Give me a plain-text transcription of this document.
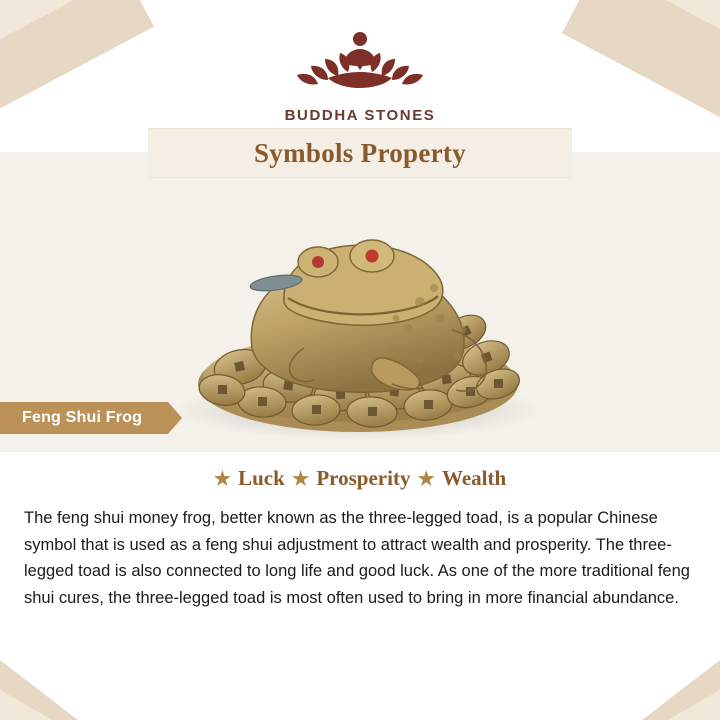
BUDDHA STONES
Symbols Property
Feng Shui Frog
★ Luck ★ Prosperity ★ Wealth

The feng shui money frog, better known as the three-legged toad, is a popular Chinese symbol that is used as a feng shui adjustment to attract wealth and prosperity. The three-legged toad is also connected to long life and good luck. As one of the more traditional feng shui cures, the three-legged toad is most often used to bring in more financial abundance.
